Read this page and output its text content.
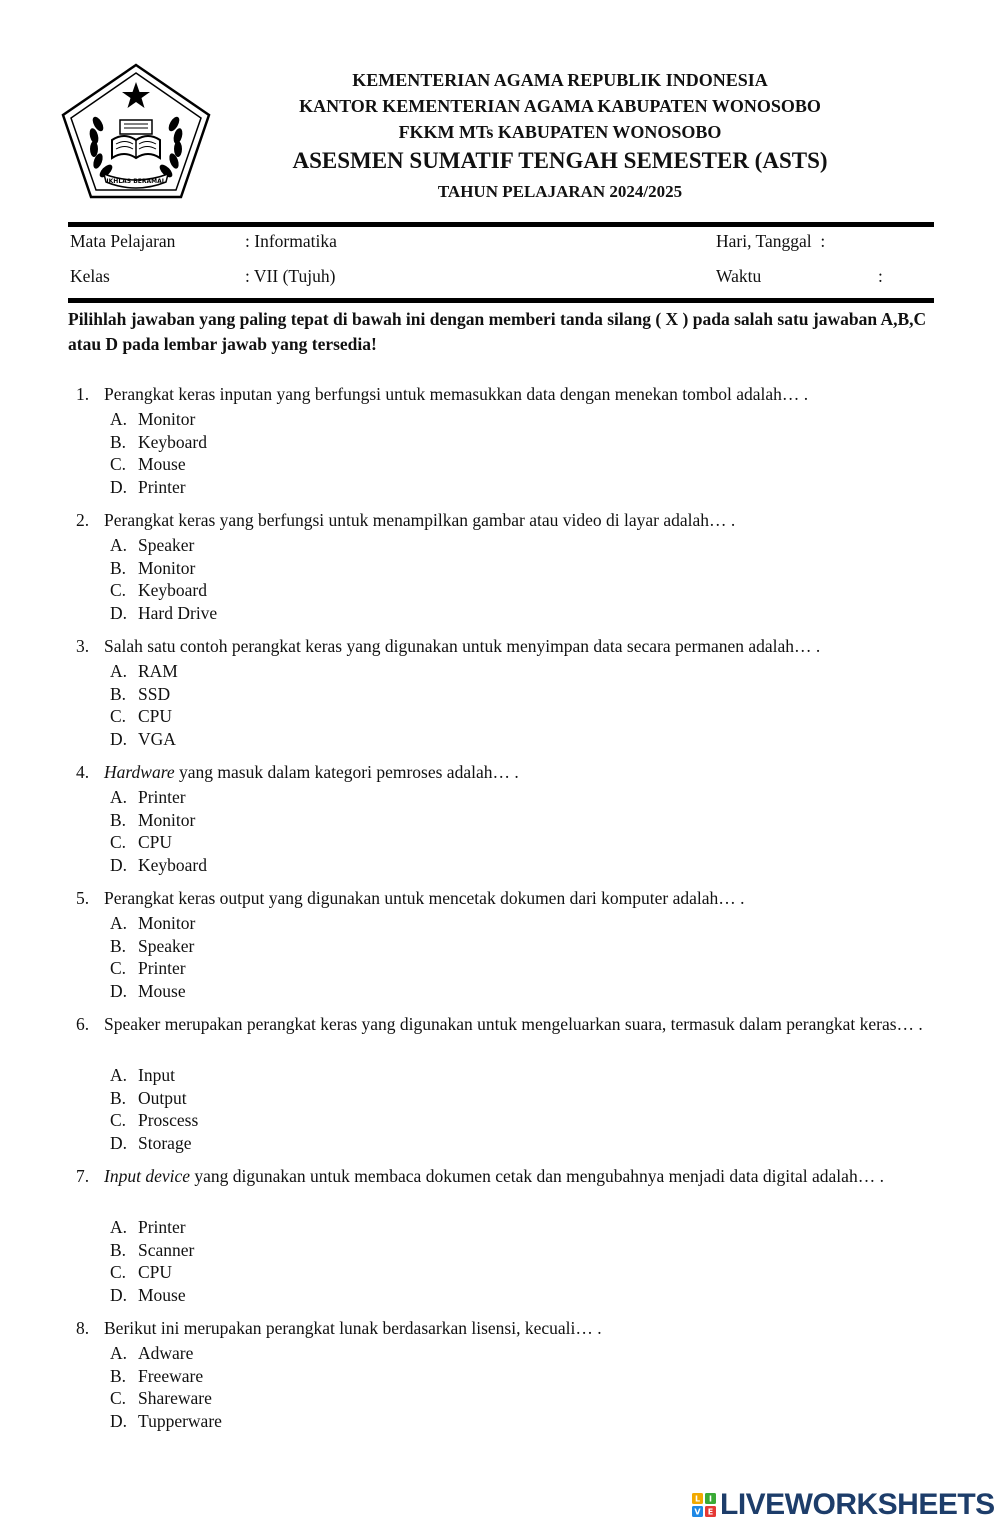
IKHLAS BERAMAL
KEMENTERIAN AGAMA REPUBLIK INDONESIA
KANTOR KEMENTERIAN AGAMA KABUPATEN WONOSOBO
FKKM MTs KABUPATEN WONOSOBO
ASESMEN SUMATIF TENGAH SEMESTER (ASTS)
TAHUN PELAJARAN 2024/2025
Mata Pelajaran	: Informatika	Hari, Tanggal  :
Kelas	: VII (Tujuh)	Waktu	:
Pilihlah jawaban yang paling tepat di bawah ini dengan memberi tanda silang ( X ) pada salah satu jawaban A,B,C atau D pada lembar jawab yang tersedia!
1. Perangkat keras inputan yang berfungsi untuk memasukkan data dengan menekan tombol adalah… .
A. Monitor
B. Keyboard
C. Mouse
D. Printer
2. Perangkat keras yang berfungsi untuk menampilkan gambar atau video di layar adalah… .
A. Speaker
B. Monitor
C. Keyboard
D. Hard Drive
3. Salah satu contoh perangkat keras yang digunakan untuk menyimpan data secara permanen adalah… .
A. RAM
B. SSD
C. CPU
D. VGA
4. Hardware yang masuk dalam kategori pemroses adalah… .
A. Printer
B. Monitor
C. CPU
D. Keyboard
5. Perangkat keras output yang digunakan untuk mencetak dokumen dari komputer adalah… .
A. Monitor
B. Speaker
C. Printer
D. Mouse
6. Speaker merupakan perangkat keras yang digunakan untuk mengeluarkan suara, termasuk dalam perangkat keras… .
A. Input
B. Output
C. Proscess
D. Storage
7. Input device yang digunakan untuk membaca dokumen cetak dan mengubahnya menjadi data digital adalah… .
A. Printer
B. Scanner
C. CPU
D. Mouse
8. Berikut ini merupakan perangkat lunak berdasarkan lisensi, kecuali… .
A. Adware
B. Freeware
C. Shareware
D. Tupperware
L I
V E LIVEWORKSHEETS
